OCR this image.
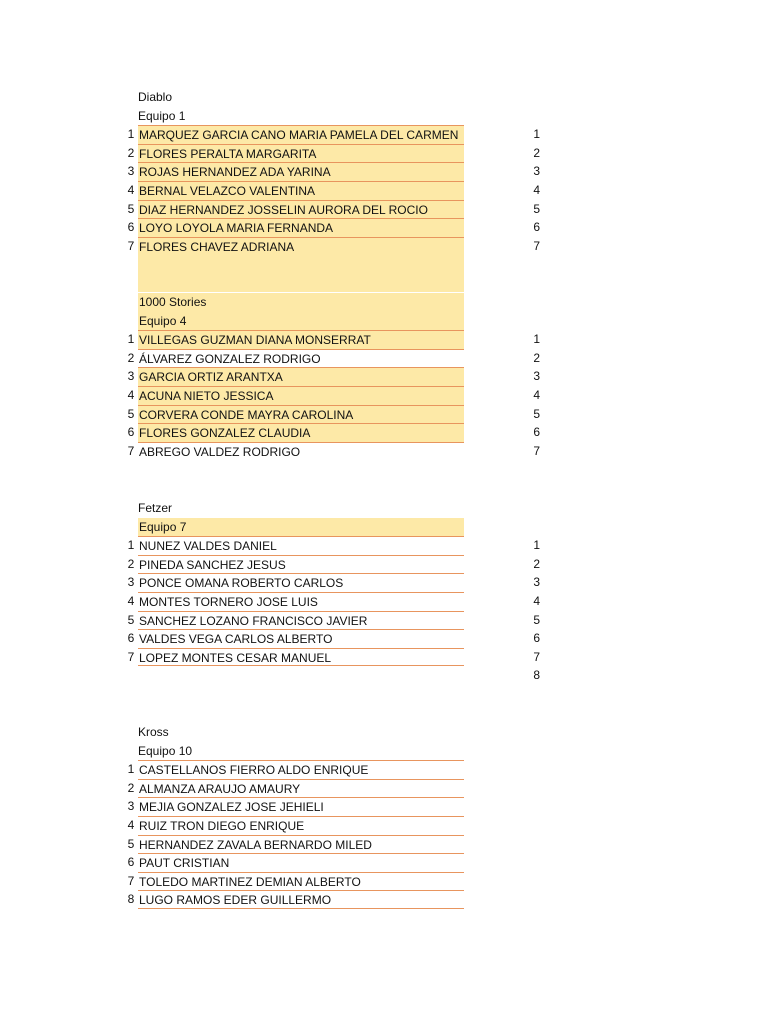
Diablo
Equipo 1
1 MARQUEZ GARCIA CANO MARIA PAMELA DEL CARMEN	1
2 FLORES PERALTA MARGARITA	2
3 ROJAS HERNANDEZ ADA YARINA	3
4 BERNAL VELAZCO VALENTINA	4
5 DIAZ HERNANDEZ JOSSELIN AURORA DEL ROCIO	5
6 LOYO LOYOLA MARIA FERNANDA	6
7 FLORES CHAVEZ ADRIANA	7
1000 Stories
Equipo 4
1 VILLEGAS GUZMAN DIANA MONSERRAT	1
2 ÁLVAREZ GONZALEZ RODRIGO	2
3 GARCIA ORTIZ ARANTXA	3
4 ACUNA NIETO JESSICA	4
5 CORVERA CONDE MAYRA CAROLINA	5
6 FLORES GONZALEZ CLAUDIA	6
7 ABREGO VALDEZ RODRIGO	7
Fetzer
Equipo 7
1 NUNEZ VALDES DANIEL	1
2 PINEDA SANCHEZ JESUS	2
3 PONCE OMANA ROBERTO CARLOS	3
4 MONTES TORNERO JOSE LUIS	4
5 SANCHEZ LOZANO FRANCISCO JAVIER	5
6 VALDES VEGA CARLOS ALBERTO	6
7 LOPEZ MONTES CESAR MANUEL	7
8
Kross
Equipo 10
1 CASTELLANOS FIERRO ALDO ENRIQUE
2 ALMANZA ARAUJO AMAURY
3 MEJIA GONZALEZ JOSE JEHIELI
4 RUIZ TRON DIEGO ENRIQUE
5 HERNANDEZ ZAVALA BERNARDO MILED
6 PAUT CRISTIAN
7 TOLEDO MARTINEZ DEMIAN ALBERTO
8 LUGO RAMOS EDER GUILLERMO
